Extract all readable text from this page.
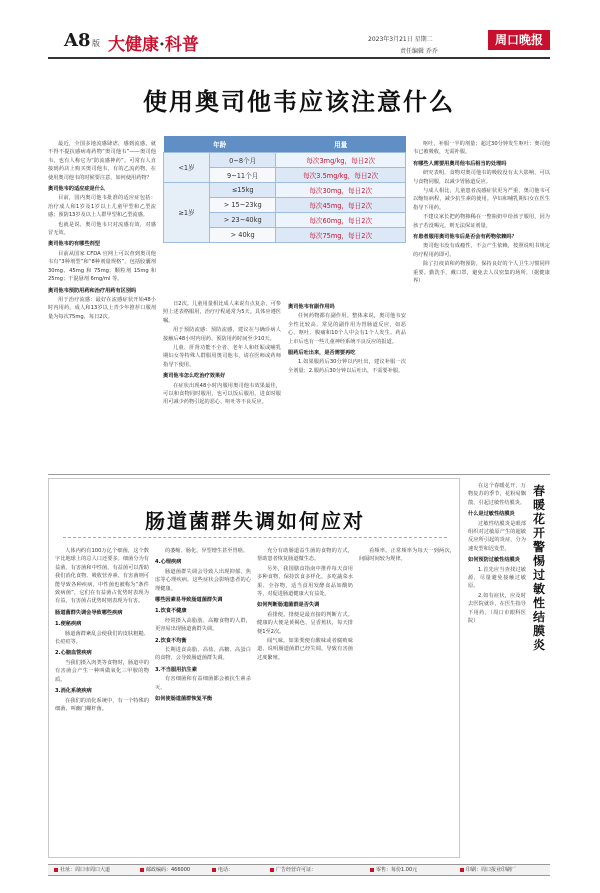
A8 版 大健康·科普	2023年3月21日 星期二
责任编辑 乔乔
周口晚报
使用奥司他韦应该注意什么

最近，全国多地流感肆虐，感到流感。就不得不提抗感病毒药物“奥司他韦”——奥司他韦，也有人称它为“防流感神药”。可常有人直接到药店上购买奥司他韦，有的乙流药物。在使用奥司他韦的时候要注意，如何使用药物？

奥司他韦的适应症是什么

目前，国内奥司他韦批准的适应症包括：治疗成人和1岁及1岁以上儿童甲型和乙型流感；预防13岁及以上人群甲型和乙型流感。

也就是说，奥司他韦只对流感有效，对感冒无效。

奥司他韦的有哪些剂型

目前从国家 CFDA 官网上可以查到奥司他韦有“3种剂型”和“8种剂量规格”，包括胶囊剂 30mg、45mg 和 75mg；颗粒剂 15mg 和 25mg；干混悬剂 6mg/ml 等。

奥司他韦预防用药和治疗用药有区别吗

用于治疗流感：最好在流感症状开始48小时内用药。成人和13岁以上青少年推荐口服剂量为每次75mg，每日2次。

年龄		用量
<1岁	0~8个月	每次3mg/kg，每日2次
	9~11个月	每次3.5mg/kg，每日2次
≥1岁	≤15kg	每次30mg，每日2次
	> 15~23kg	每次45mg，每日2次
	> 23~40kg	每次60mg，每日2次
	> 40kg	每次75mg，每日2次

日2次。儿童用量相比成人来说有点复杂，可参照上述表格服用，治疗疗程通常为5天。具体应遵医嘱。

用于预防流感：预防流感，建议在与确诊病人接触后48小时内用药，预防用药时间至少10天。

儿童、肝肾功能不全者、老年人和妊娠或哺乳期妇女等特殊人群服用奥司他韦，请在医师或药师指导下使用。

奥司他韦怎么吃治疗效果好

在症状出现48小时内服用奥司他韦效果最佳，可以和食物同时服用，也可以饭后服用，进食时服用可减少药物引起的恶心、呕吐等不良反应。

奥司他韦有副作用吗

任何药物都有副作用。整体来说，奥司他韦安全性比较高，常见的副作用为胃肠道反应，如恶心、呕吐、腹痛和10个人中会有1个人发生。药品上市后也有一些儿童神经系统不良反应的报道。

服药后吐出来，是否需要再吃

1.如果服药后30分钟以内吐出，建议补服一次全剂量；2.服药后30分钟以后吐出，不需要补服。

呕吐，补服一半的剂量；超过30分钟发生呕吐：奥司他韦已被吸收，无需补服。

有哪些人需要用奥司他韦后相当的处理吗

研究表明，食物对奥司他韦的吸收没有太大影响，可以与食物同服，以减少胃肠道反应。

与成人相比，儿童患者流感症状更为严重，奥司他韦可以缩短病程，减少抗生素的使用。孕妇和哺乳期妇女在医生指导下用药。

不建议家长把药物掺稀在一整瓶奶中给孩子服用，因为孩子若没喝完，则无法保证剂量。

有患者服用奥司他韦后是否会有药物依赖吗？

奥司他韦没有成瘾性，不会产生依赖，按照说明书规定的疗程用药即可。

除了打疫苗和药物预防，保持良好的个人卫生习惯同样重要。勤洗手，戴口罩，避免去人员密集的场所。（据健康界）

肠道菌群失调如何应对

人体内约有100万亿个细菌，这个数字比地球上的总人口还要多。细菌分为有益菌、有害菌和中性菌，有益菌可以帮助我们消化食物、吸收营养素、有害菌则可能导致各种疾病，中性菌也被称为“条件致病菌”，它们在有益菌占优势时表现为有益，有害菌占优势时则表现为有害。

肠道菌群失调会导致哪些疾病

1.便秘疾病

肠道菌群紊乱会使我们的皮肤粗糙、长痘痘等。

2.心脑血管疾病

当我们摄入肉类等食物时，肠道中的有害菌会产生一种叫做氧化三甲胺的物质。

3.消化系统疾病

在我们的消化系统中，有一个特殊的细菌，叫幽门螺杆菌。

的萎缩、肠化、异型增生甚至胃癌。

4.心理疾病

肠道菌群失调会导致人出现抑郁、焦虑等心理疾病。这些症状会影响患者的心理健康。

哪些因素易导致肠道菌群失调

1.饮食不健康

经常摄入高脂肪、高糖食物的人群，更容易出现肠道菌群失调。

2.饮食不均衡

长期进食高脂、高盐、高糖、高蛋白的食物，会导致肠道菌群失调。

3.不当服用抗生素

有害细菌和有益细菌都会被抗生素杀灭。

如何使肠道菌群恢复平衡

充分有助肠道益生菌的食物的方式，帮助患者恢复肠道微生态。

另外，我国膳食指南中推荐每天食用多种食物，保持饮食多样化，多吃蔬菜水果、全谷物，适当食用发酵食品如酸奶等，对促进肠道健康大有益处。

如何判断肠道菌群是否失调

看排便。排便是最直接的判断方式。健康的大便是黄褐色、呈香蕉状，每天排便1至2次。

闻气味。如果粪便有酸味或者腐败味道，说明肠道菌群已经失调，导致有害菌过度繁殖。

看频率。正常频率为每天一到两次，间隔时间较为规律。

在这个春暖花开、万物复苏的季节，花粉易飘散，引起过敏性结膜炎。

什么是过敏性结膜炎

过敏性结膜炎是眼部组织对过敏原产生的超敏反应所引起的炎症，分为速发型和迟发型。

如何预防过敏性结膜炎

1.首先应当查找过敏源，尽量避免接触过敏原。

2.如有症状，应及时去医院就诊，在医生指导下用药。（周口市眼科医院）

春暖花开 警惕过敏性结膜炎
社址：周口市周口大道	邮政编码：466000	电话：	广告经营许可证：	零售：每份1.00元	印刷：周口报业印刷厂
